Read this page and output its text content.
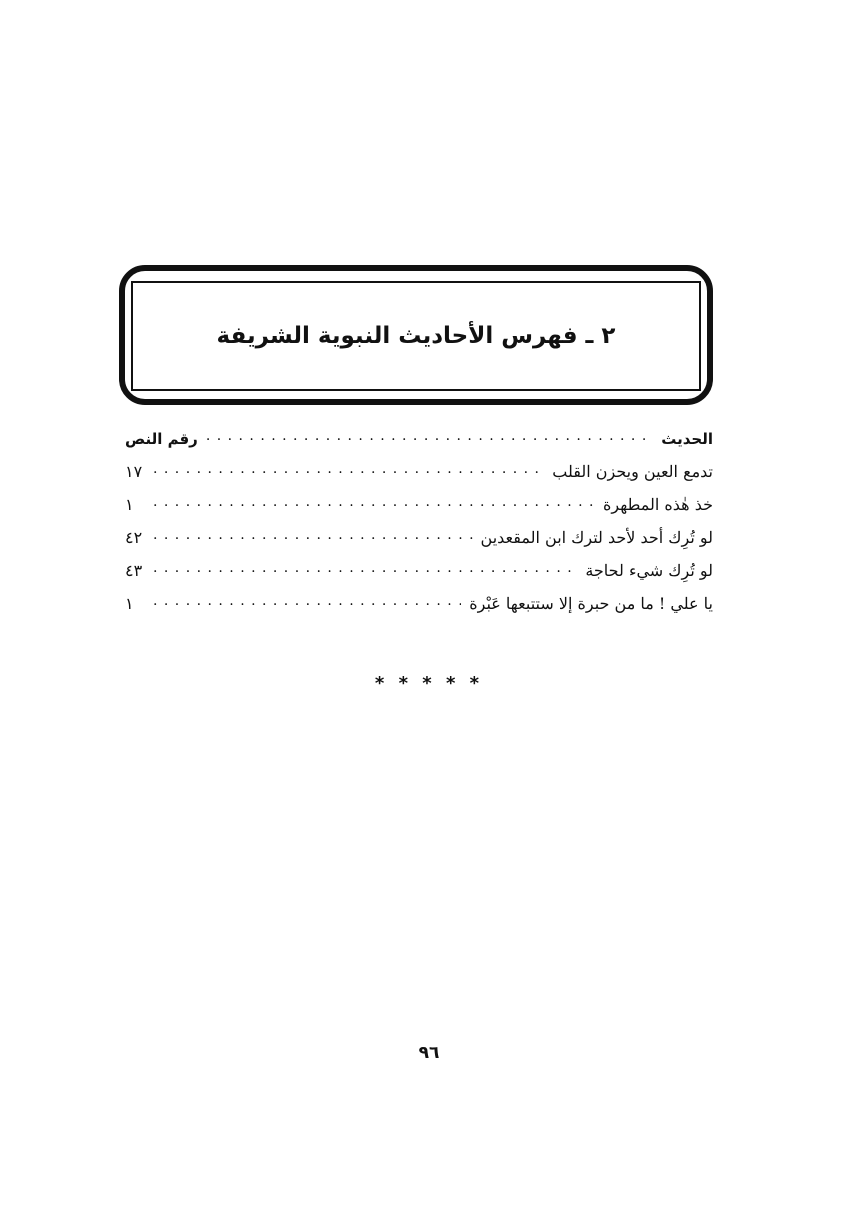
٢ ـ فهرس الأحاديث النبوية الشريفة
الحديث
. . .
رقم النص
تدمع العين ويحزن القلب
. . .
١٧
خذ هٰذه المطهرة
. . .
١
لو تُرِك أحد لأحد لترك ابن المقعدين
. . .
٤٢
لو تُرِك شيء لحاجة
. . .
٤٣
يا علي ! ما من حبرة إلا ستتبعها عَبْرة
. . .
١
* * * * *
٩٦
